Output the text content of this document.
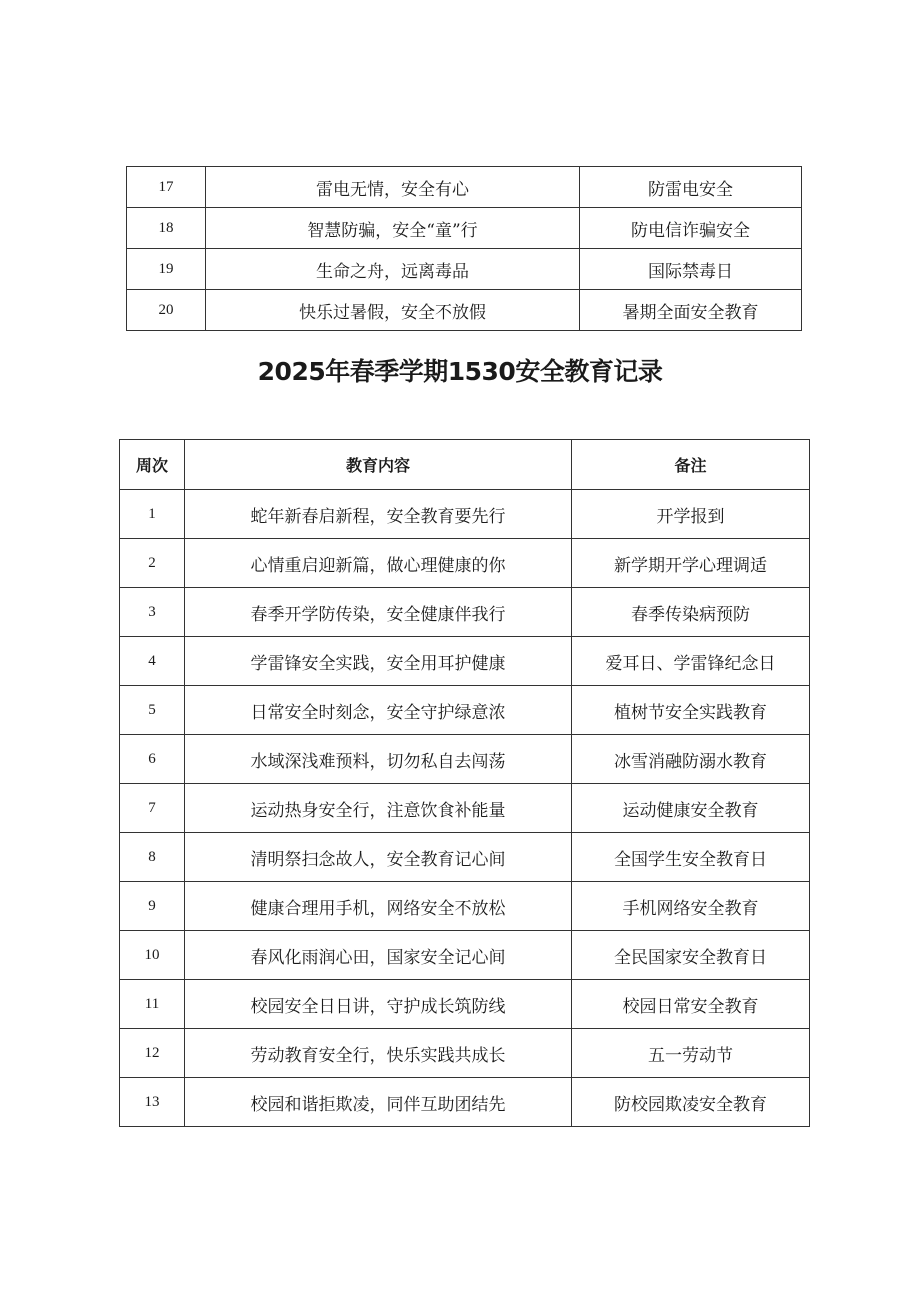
17	雷电无情，安全有心	防雷电安全
18	智慧防骗，安全“童”行	防电信诈骗安全
19	生命之舟，远离毒品	国际禁毒日
20	快乐过暑假，安全不放假	暑期全面安全教育
2025年春季学期1530安全教育记录
周次	教育内容	备注
1	蛇年新春启新程，安全教育要先行	开学报到
2	心情重启迎新篇，做心理健康的你	新学期开学心理调适
3	春季开学防传染，安全健康伴我行	春季传染病预防
4	学雷锋安全实践，安全用耳护健康	爱耳日、学雷锋纪念日
5	日常安全时刻念，安全守护绿意浓	植树节安全实践教育
6	水域深浅难预料，切勿私自去闯荡	冰雪消融防溺水教育
7	运动热身安全行，注意饮食补能量	运动健康安全教育
8	清明祭扫念故人，安全教育记心间	全国学生安全教育日
9	健康合理用手机，网络安全不放松	手机网络安全教育
10	春风化雨润心田，国家安全记心间	全民国家安全教育日
11	校园安全日日讲，守护成长筑防线	校园日常安全教育
12	劳动教育安全行，快乐实践共成长	五一劳动节
13	校园和谐拒欺凌，同伴互助团结先	防校园欺凌安全教育
